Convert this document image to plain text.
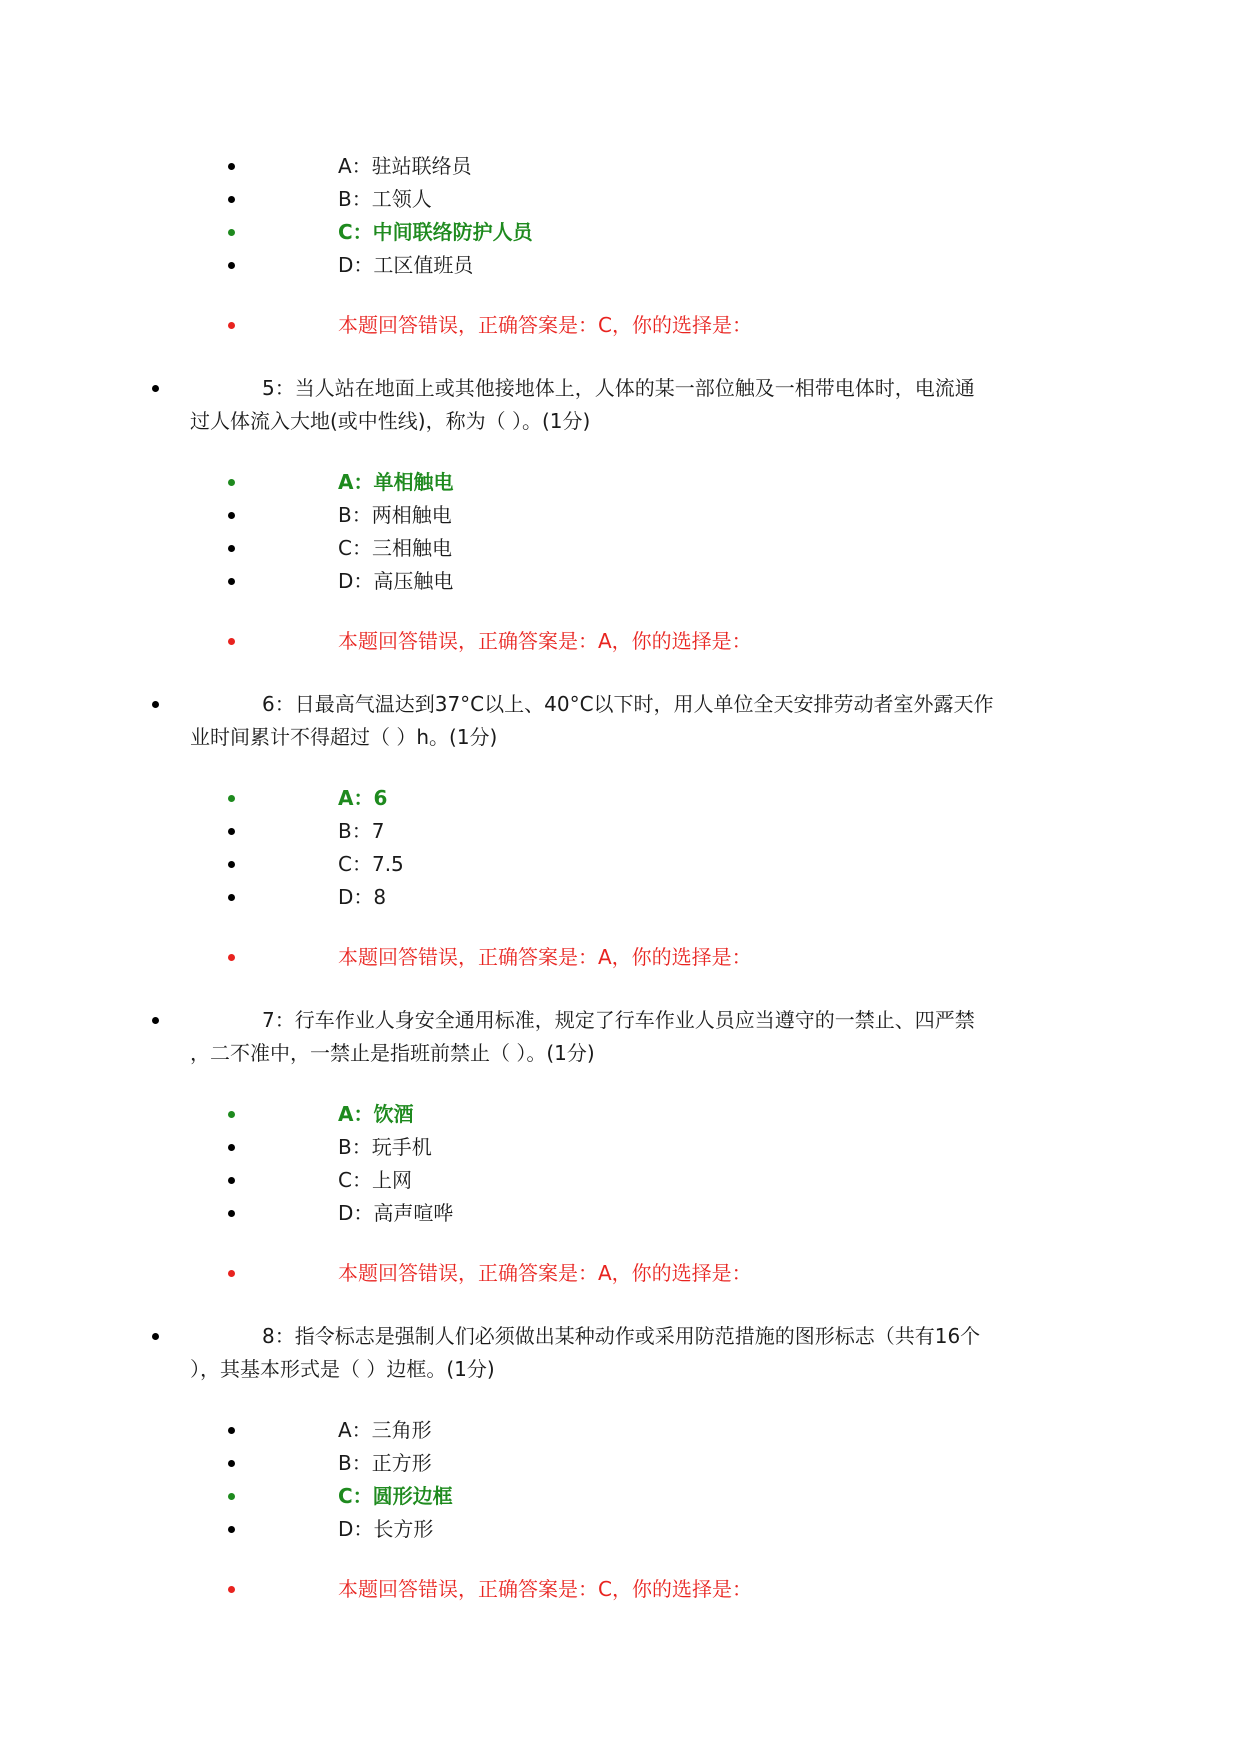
A：驻站联络员
B：工领人
C：中间联络防护人员
D：工区值班员
本题回答错误，正确答案是：C，你的选择是：
5：当人站在地面上或其他接地体上，人体的某一部位触及一相带电体时，电流通
过人体流入大地(或中性线)，称为（ ）。(1分)
A：单相触电
B：两相触电
C：三相触电
D：高压触电
本题回答错误，正确答案是：A，你的选择是：
6：日最高气温达到37°C以上、40°C以下时，用人单位全天安排劳动者室外露天作
业时间累计不得超过（ ）h。(1分)
A：6
B：7
C：7.5
D：8
本题回答错误，正确答案是：A，你的选择是：
7：行车作业人身安全通用标准，规定了行车作业人员应当遵守的一禁止、四严禁
，二不准中，一禁止是指班前禁止（ ）。(1分)
A：饮酒
B：玩手机
C：上网
D：高声喧哗
本题回答错误，正确答案是：A，你的选择是：
8：指令标志是强制人们必须做出某种动作或采用防范措施的图形标志（共有16个
），其基本形式是（ ）边框。(1分)
A：三角形
B：正方形
C：圆形边框
D：长方形
本题回答错误，正确答案是：C，你的选择是：
